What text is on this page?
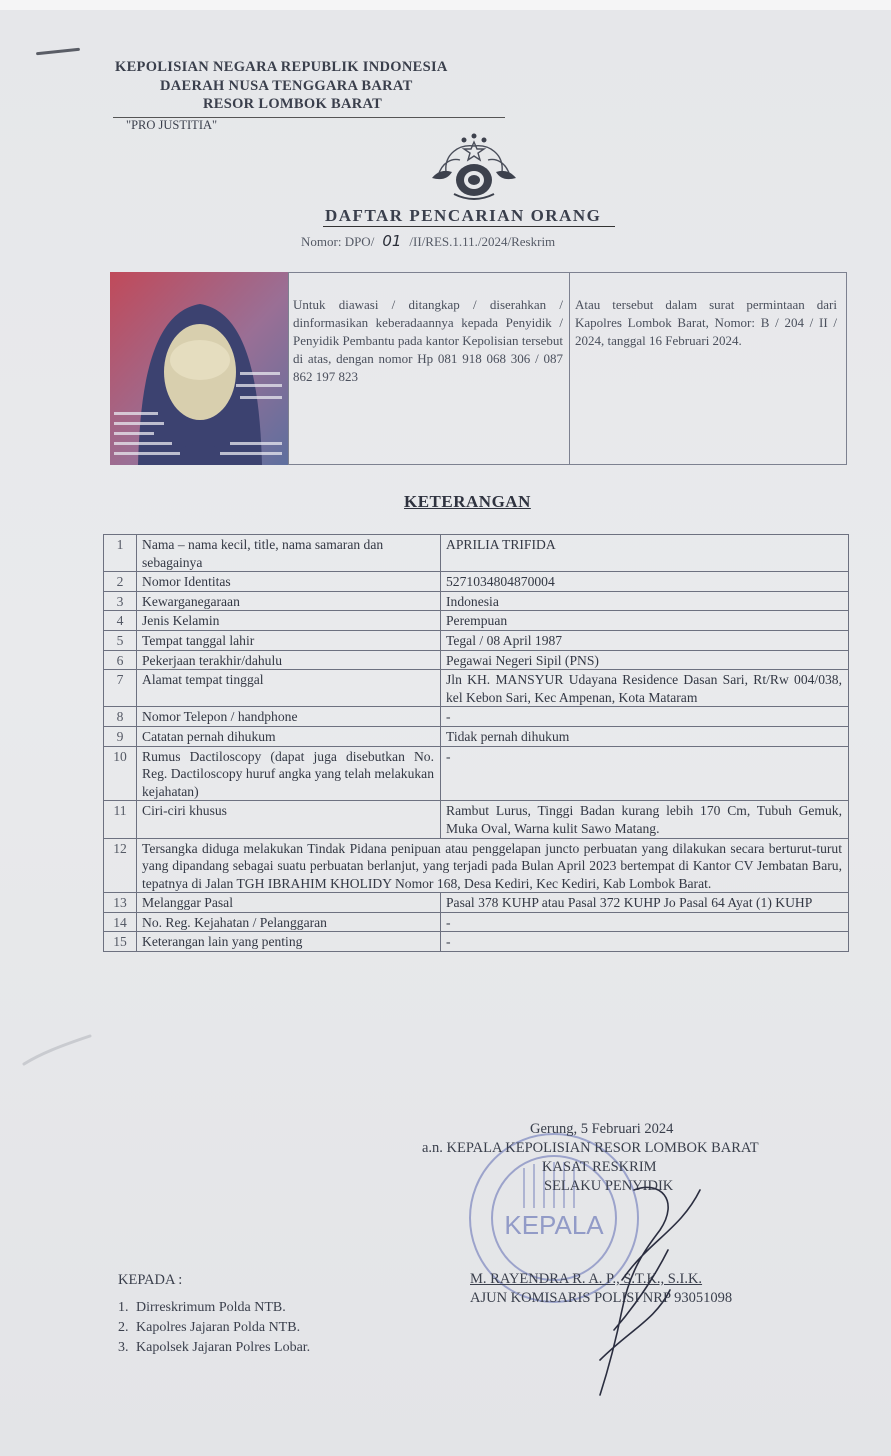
KEPOLISIAN NEGARA REPUBLIK INDONESIA
DAERAH NUSA TENGGARA BARAT
RESOR LOMBOK BARAT
"PRO JUSTITIA"
DAFTAR PENCARIAN ORANG
Nomor: DPO/ 01 /II/RES.1.11./2024/Reskrim

Untuk diawasi / ditangkap / diserahkan / dinformasikan keberadaannya kepada Penyidik / Penyidik Pembantu pada kantor Kepolisian tersebut di atas, dengan nomor Hp 081 918 068 306 / 087 862 197 823

Atau tersebut dalam surat permintaan dari Kapolres Lombok Barat, Nomor: B / 204 / II / 2024, tanggal 16 Februari 2024.

KETERANGAN
1	Nama – nama kecil, title, nama samaran dan sebagainya	APRILIA TRIFIDA
2	Nomor Identitas	5271034804870004
3	Kewarganegaraan	Indonesia
4	Jenis Kelamin	Perempuan
5	Tempat tanggal lahir	Tegal / 08 April 1987
6	Pekerjaan terakhir/dahulu	Pegawai Negeri Sipil (PNS)
7	Alamat tempat tinggal	Jln KH. MANSYUR Udayana Residence Dasan Sari, Rt/Rw 004/038, kel Kebon Sari, Kec Ampenan, Kota Mataram
8	Nomor Telepon / handphone	-
9	Catatan pernah dihukum	Tidak pernah dihukum
10	Rumus Dactiloscopy (dapat juga disebutkan No. Reg. Dactiloscopy huruf angka yang telah melakukan kejahatan)	-
11	Ciri-ciri khusus	Rambut Lurus, Tinggi Badan kurang lebih 170 Cm, Tubuh Gemuk, Muka Oval, Warna kulit Sawo Matang.
12	Tersangka diduga melakukan Tindak Pidana penipuan atau penggelapan juncto perbuatan yang dilakukan secara berturut-turut yang dipandang sebagai suatu perbuatan berlanjut, yang terjadi pada Bulan April 2023 bertempat di Kantor CV Jembatan Baru, tepatnya di Jalan TGH IBRAHIM KHOLIDY Nomor 168, Desa Kediri, Kec Kediri, Kab Lombok Barat.	
13	Melanggar Pasal	Pasal 378 KUHP atau Pasal 372 KUHP Jo Pasal 64 Ayat (1) KUHP
14	No. Reg. Kejahatan / Pelanggaran	-
15	Keterangan lain yang penting	-
KEPALA
Gerung, 5 Februari 2024
a.n. KEPALA KEPOLISIAN RESOR LOMBOK BARAT
KASAT RESKRIM
SELAKU PENYIDIK
M. RAYENDRA R. A. P., S.T.K., S.I.K.
AJUN KOMISARIS POLISI NRP 93051098
KEPADA :
1. Dirreskrimum Polda NTB.
2. Kapolres Jajaran Polda NTB.
3. Kapolsek Jajaran Polres Lobar.
